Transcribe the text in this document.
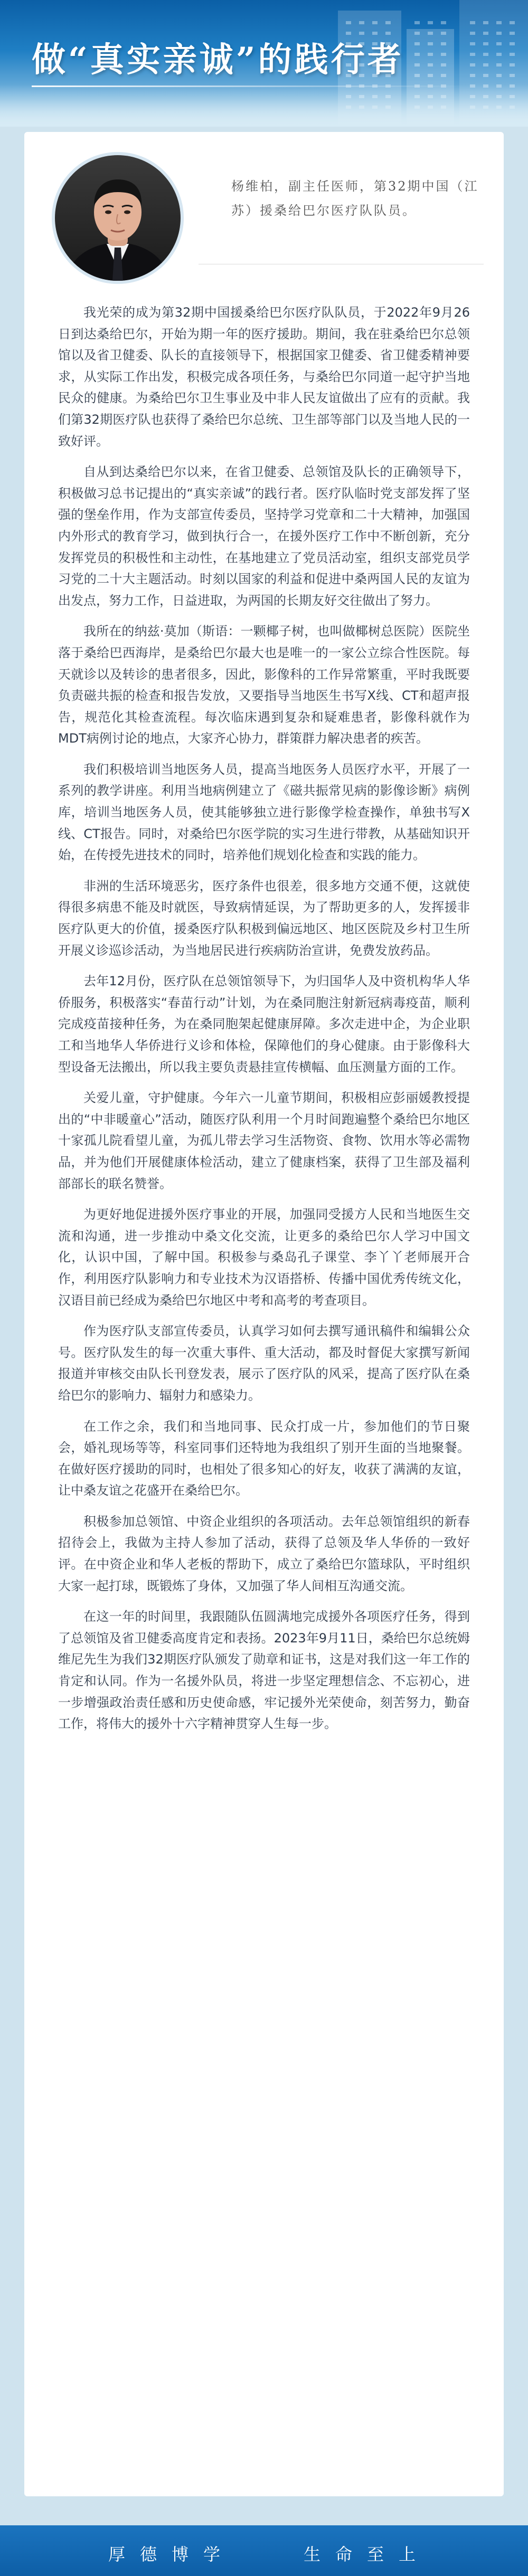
做“真实亲诚”的践行者
杨维柏，副主任医师，第32期中国（江苏）援桑给巴尔医疗队队员。

我光荣的成为第32期中国援桑给巴尔医疗队队员，于2022年9月26日到达桑给巴尔，开始为期一年的医疗援助。期间，我在驻桑给巴尔总领馆以及省卫健委、队长的直接领导下，根据国家卫健委、省卫健委精神要求，从实际工作出发，积极完成各项任务，与桑给巴尔同道一起守护当地民众的健康。为桑给巴尔卫生事业及中非人民友谊做出了应有的贡献。我们第32期医疗队也获得了桑给巴尔总统、卫生部等部门以及当地人民的一致好评。

自从到达桑给巴尔以来，在省卫健委、总领馆及队长的正确领导下，积极做习总书记提出的“真实亲诚”的践行者。医疗队临时党支部发挥了坚强的堡垒作用，作为支部宣传委员，坚持学习党章和二十大精神，加强国内外形式的教育学习，做到执行合一，在援外医疗工作中不断创新，充分发挥党员的积极性和主动性，在基地建立了党员活动室，组织支部党员学习党的二十大主题活动。时刻以国家的利益和促进中桑两国人民的友谊为出发点，努力工作，日益进取，为两国的长期友好交往做出了努力。

我所在的纳兹·莫加（斯语：一颗椰子树，也叫做椰树总医院）医院坐落于桑给巴西海岸，是桑给巴尔最大也是唯一的一家公立综合性医院。每天就诊以及转诊的患者很多，因此，影像科的工作异常繁重，平时我既要负责磁共振的检查和报告发放，又要指导当地医生书写X线、CT和超声报告，规范化其检查流程。每次临床遇到复杂和疑难患者，影像科就作为MDT病例讨论的地点，大家齐心协力，群策群力解决患者的疾苦。

我们积极培训当地医务人员，提高当地医务人员医疗水平，开展了一系列的教学讲座。利用当地病例建立了《磁共振常见病的影像诊断》病例库，培训当地医务人员，使其能够独立进行影像学检查操作，单独书写X线、CT报告。同时，对桑给巴尔医学院的实习生进行带教，从基础知识开始，在传授先进技术的同时，培养他们规划化检查和实践的能力。

非洲的生活环境恶劣，医疗条件也很差，很多地方交通不便，这就使得很多病患不能及时就医，导致病情延误，为了帮助更多的人，发挥援非医疗队更大的价值，援桑医疗队积极到偏远地区、地区医院及乡村卫生所开展义诊巡诊活动，为当地居民进行疾病防治宣讲，免费发放药品。

去年12月份，医疗队在总领馆领导下，为归国华人及中资机构华人华侨服务，积极落实“春苗行动”计划，为在桑同胞注射新冠病毒疫苗，顺利完成疫苗接种任务，为在桑同胞架起健康屏障。多次走进中企，为企业职工和当地华人华侨进行义诊和体检，保障他们的身心健康。由于影像科大型设备无法搬出，所以我主要负责悬挂宣传横幅、血压测量方面的工作。

关爱儿童，守护健康。今年六一儿童节期间，积极相应彭丽媛教授提出的“中非暖童心”活动，随医疗队利用一个月时间跑遍整个桑给巴尔地区十家孤儿院看望儿童，为孤儿带去学习生活物资、食物、饮用水等必需物品，并为他们开展健康体检活动，建立了健康档案，获得了卫生部及福利部部长的联名赞誉。

为更好地促进援外医疗事业的开展，加强同受援方人民和当地医生交流和沟通，进一步推动中桑文化交流，让更多的桑给巴尔人学习中国文化，认识中国，了解中国。积极参与桑岛孔子课堂、李丫丫老师展开合作，利用医疗队影响力和专业技术为汉语搭桥、传播中国优秀传统文化，汉语目前已经成为桑给巴尔地区中考和高考的考查项目。

作为医疗队支部宣传委员，认真学习如何去撰写通讯稿件和编辑公众号。医疗队发生的每一次重大事件、重大活动，都及时督促大家撰写新闻报道并审核交由队长刊登发表，展示了医疗队的风采，提高了医疗队在桑给巴尔的影响力、辐射力和感染力。

在工作之余，我们和当地同事、民众打成一片，参加他们的节日聚会，婚礼现场等等，科室同事们还特地为我组织了别开生面的当地聚餐。在做好医疗援助的同时，也相处了很多知心的好友，收获了满满的友谊，让中桑友谊之花盛开在桑给巴尔。

积极参加总领馆、中资企业组织的各项活动。去年总领馆组织的新春招待会上，我做为主持人参加了活动，获得了总领及华人华侨的一致好评。在中资企业和华人老板的帮助下，成立了桑给巴尔篮球队，平时组织大家一起打球，既锻炼了身体，又加强了华人间相互沟通交流。

在这一年的时间里，我跟随队伍圆满地完成援外各项医疗任务，得到了总领馆及省卫健委高度肯定和表扬。2023年9月11日，桑给巴尔总统姆维尼先生为我们32期医疗队颁发了勋章和证书，这是对我们这一年工作的肯定和认同。作为一名援外队员，将进一步坚定理想信念、不忘初心，进一步增强政治责任感和历史使命感，牢记援外光荣使命，刻苦努力，勤奋工作，将伟大的援外十六字精神贯穿人生每一步。

厚德博学	生命至上
